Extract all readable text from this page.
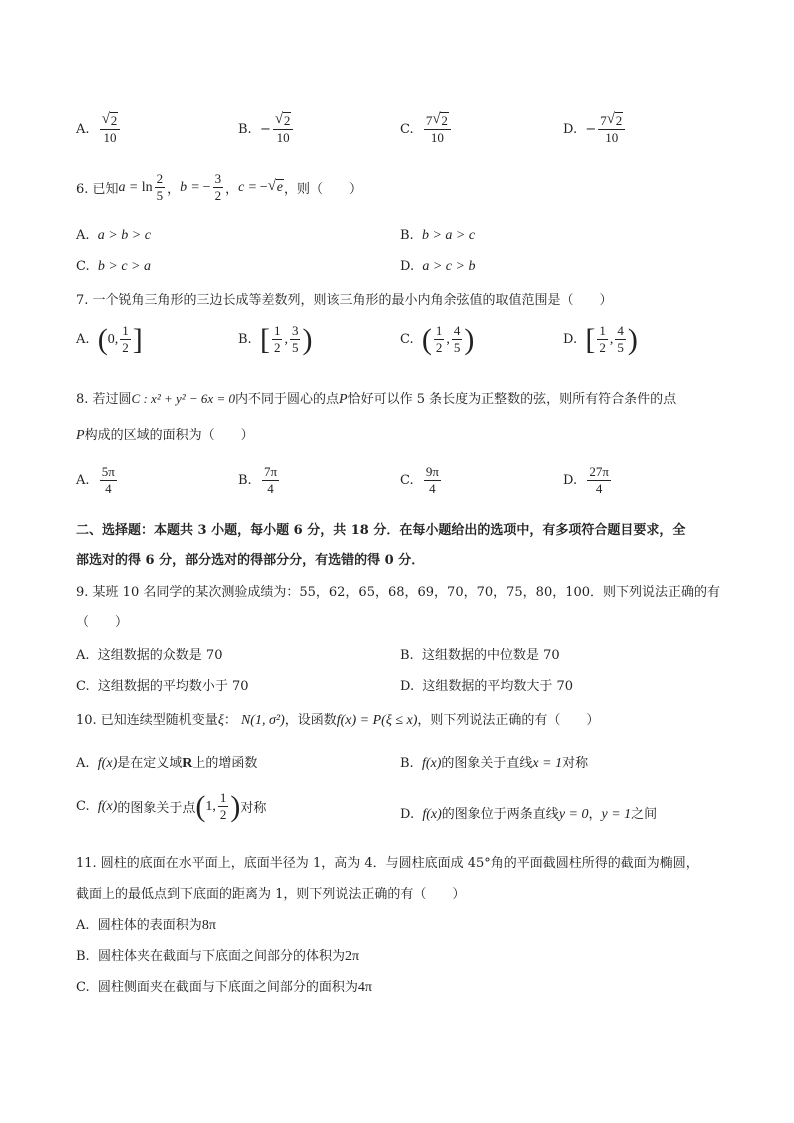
A.
√ $\frac{2}{10}$	B.
− √ $\frac{2}{10}$	C.
$\frac{7 √ 2}{10}$	D.
− $\frac{7 √ 2}{10}$
6. 已知 a
=
$\ln \frac{2}{5}$ ， b
= − $\frac{3}{2}$ ， c
= − √ e ，则（　　）
A. a > b > c	B. b > a > c
C. b > c > a	D. a > c > b
7. 一个锐角三角形的三边长成等差数列，则该三角形的最小内角余弦值的取值范围是（　　）
A.
( 0 , $\frac{1}{2}$ ]	B.
[ $\frac{1}{2}$ , $\frac{3}{5}$ )	C.
( $\frac{1}{2}$ , $\frac{4}{5}$ )	D.
[ $\frac{1}{2}$ , $\frac{4}{5}$ )
8. 若过圆C : x² + y² − 6x = 0内不同于圆心的点P恰好可以作 5 条长度为正整数的弦，则所有符合条件的点
P构成的区域的面积为（　　）
A.
$\frac{5\pi}{4}$	B.
$\frac{7\pi}{4}$	C.
$\frac{9\pi}{4}$	D.
$\frac{27\pi}{4}$
二、选择题：本题共 3 小题，每小题 6 分，共 18 分．在每小题给出的选项中，有多项符合题目要求，全
部选对的得 6 分，部分选对的得部分分，有选错的得 0 分．
9. 某班 10 名同学的某次测验成绩为：55，62，65，68，69，70，70，75，80，100．则下列说法正确的有
（　　）
A. 这组数据的众数是 70	B. 这组数据的中位数是 70
C. 这组数据的平均数小于 70	D. 这组数据的平均数大于 70
10. 已知连续型随机变量ξ： N(1, σ²)，设函数f(x) = P(ξ ≤ x)，则下列说法正确的有（　　）
A. f(x)是在定义域R上的增函数	B. f(x)的图象关于直线x = 1对称
C.
f(x) 的图象关于点 ( 1, $\frac{1}{2}$ ) 对称	D. f(x)的图象位于两条直线y = 0，y = 1之间
11. 圆柱的底面在水平面上，底面半径为 1，高为 4．与圆柱底面成 45°角的平面截圆柱所得的截面为椭圆，
截面上的最低点到下底面的距离为 1，则下列说法正确的有（　　）
A. 圆柱体的表面积为8π
B. 圆柱体夹在截面与下底面之间部分的体积为2π
C. 圆柱侧面夹在截面与下底面之间部分的面积为4π
